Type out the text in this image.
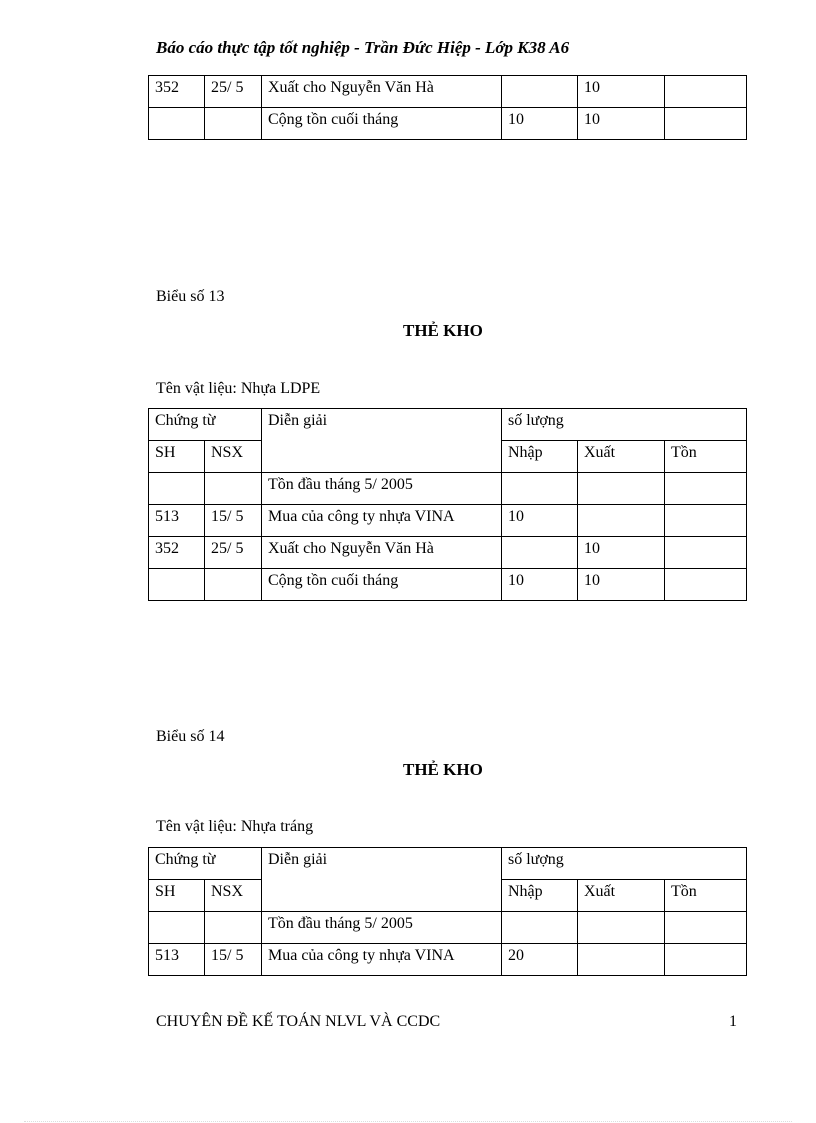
Báo cáo thực tập tốt nghiệp - Trần Đức Hiệp - Lớp K38 A6
352	25/ 5	Xuất cho Nguyễn Văn Hà		10	
		Cộng tồn cuối tháng	10	10	
Biểu số 13
THẺ KHO
Tên vật liệu: Nhựa LDPE
Chứng từ		Diễn giải	số lượng		
SH	NSX		Nhập	Xuất	Tồn
		Tồn đầu tháng 5/ 2005			
513	15/ 5	Mua của công ty nhựa VINA	10		
352	25/ 5	Xuất cho Nguyễn Văn Hà		10	
		Cộng tồn cuối tháng	10	10	
Biểu số 14
THẺ KHO
Tên vật liệu: Nhựa tráng
Chứng từ		Diễn giải	số lượng		
SH	NSX		Nhập	Xuất	Tồn
		Tồn đầu tháng 5/ 2005			
513	15/ 5	Mua của công ty nhựa VINA	20		
CHUYÊN ĐỀ KẾ TOÁN NLVL VÀ CCDC	1
